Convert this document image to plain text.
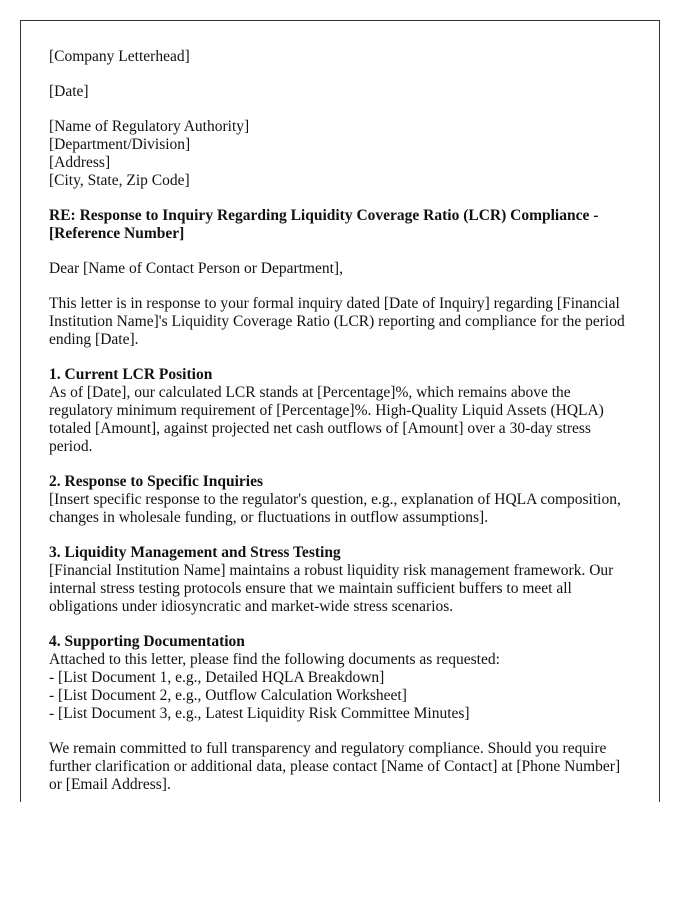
[Company Letterhead]
[Date]
[Name of Regulatory Authority]
[Department/Division]
[Address]
[City, State, Zip Code]
RE: Response to Inquiry Regarding Liquidity Coverage Ratio (LCR) Compliance - [Reference Number]
Dear [Name of Contact Person or Department],
This letter is in response to your formal inquiry dated [Date of Inquiry] regarding [Financial Institution Name]'s Liquidity Coverage Ratio (LCR) reporting and compliance for the period ending [Date].
1. Current LCR Position
As of [Date], our calculated LCR stands at [Percentage]%, which remains above the regulatory minimum requirement of [Percentage]%. High-Quality Liquid Assets (HQLA) totaled [Amount], against projected net cash outflows of [Amount] over a 30-day stress period.
2. Response to Specific Inquiries
[Insert specific response to the regulator's question, e.g., explanation of HQLA composition, changes in wholesale funding, or fluctuations in outflow assumptions].
3. Liquidity Management and Stress Testing
[Financial Institution Name] maintains a robust liquidity risk management framework. Our internal stress testing protocols ensure that we maintain sufficient buffers to meet all obligations under idiosyncratic and market-wide stress scenarios.
4. Supporting Documentation
Attached to this letter, please find the following documents as requested:
- [List Document 1, e.g., Detailed HQLA Breakdown]
- [List Document 2, e.g., Outflow Calculation Worksheet]
- [List Document 3, e.g., Latest Liquidity Risk Committee Minutes]
We remain committed to full transparency and regulatory compliance. Should you require further clarification or additional data, please contact [Name of Contact] at [Phone Number] or [Email Address].
